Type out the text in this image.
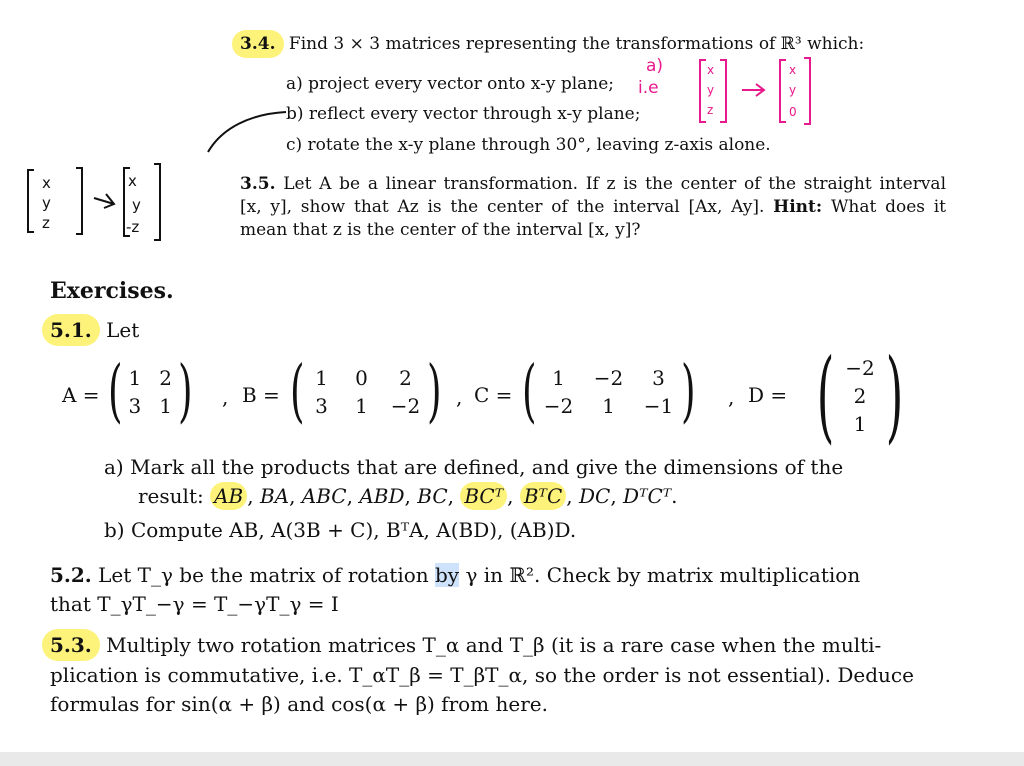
3.4. Find 3 × 3 matrices representing the transformations of ℝ³ which:
a) project every vector onto x-y plane;
b) reflect every vector through x-y plane;
c) rotate the x-y plane through 30°, leaving z-axis alone.
a)
i.e
x
y
z
x
y
0
x
y
z
x
y
-z
3.5. Let A be a linear transformation. If z is the center of the straight interval
[x, y], show that Az is the center of the interval [Ax, Ay]. Hint: What does it
mean that z is the center of the interval [x, y]?
Exercises.
5.1. Let
A = ( 1 2
3 1 ) , B = ( 1 0	2
3 1 −2 ) , C = ( 1	−2	3
−2	1	−1 ) , D = ( −2
2
1 )
a) Mark all the products that are defined, and give the dimensions of the
result: AB , BA, ABC, ABD, BC, BCᵀ , BᵀC , DC, DᵀCᵀ.
b) Compute AB, A(3B + C), BᵀA, A(BD), (AB)D.
5.2. Let T_γ be the matrix of rotation by γ in ℝ². Check by matrix multiplication
that T_γT_−γ = T_−γT_γ = I
5.3. Multiply two rotation matrices T_α and T_β (it is a rare case when the multi-
plication is commutative, i.e. T_αT_β = T_βT_α, so the order is not essential). Deduce
formulas for sin(α + β) and cos(α + β) from here.
